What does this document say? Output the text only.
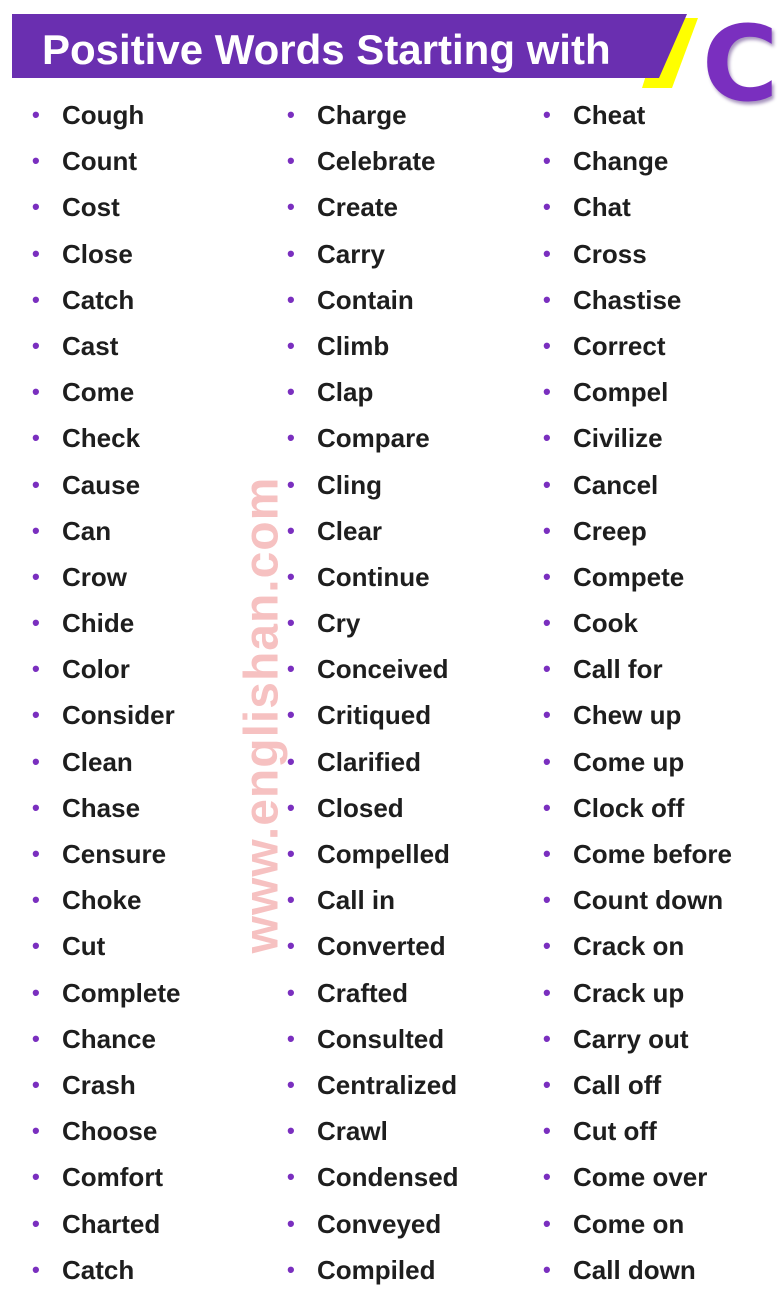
Positive Words Starting with C
www.englishan.com
• Cough
• Count
• Cost
• Close
• Catch
• Cast
• Come
• Check
• Cause
• Can
• Crow
• Chide
• Color
• Consider
• Clean
• Chase
• Censure
• Choke
• Cut
• Complete
• Chance
• Crash
• Choose
• Comfort
• Charted
• Catch
• Charge
• Celebrate
• Create
• Carry
• Contain
• Climb
• Clap
• Compare
• Cling
• Clear
• Continue
• Cry
• Conceived
• Critiqued
• Clarified
• Closed
• Compelled
• Call in
• Converted
• Crafted
• Consulted
• Centralized
• Crawl
• Condensed
• Conveyed
• Compiled
• Cheat
• Change
• Chat
• Cross
• Chastise
• Correct
• Compel
• Civilize
• Cancel
• Creep
• Compete
• Cook
• Call for
• Chew up
• Come up
• Clock off
• Come before
• Count down
• Crack on
• Crack up
• Carry out
• Call off
• Cut off
• Come over
• Come on
• Call down
